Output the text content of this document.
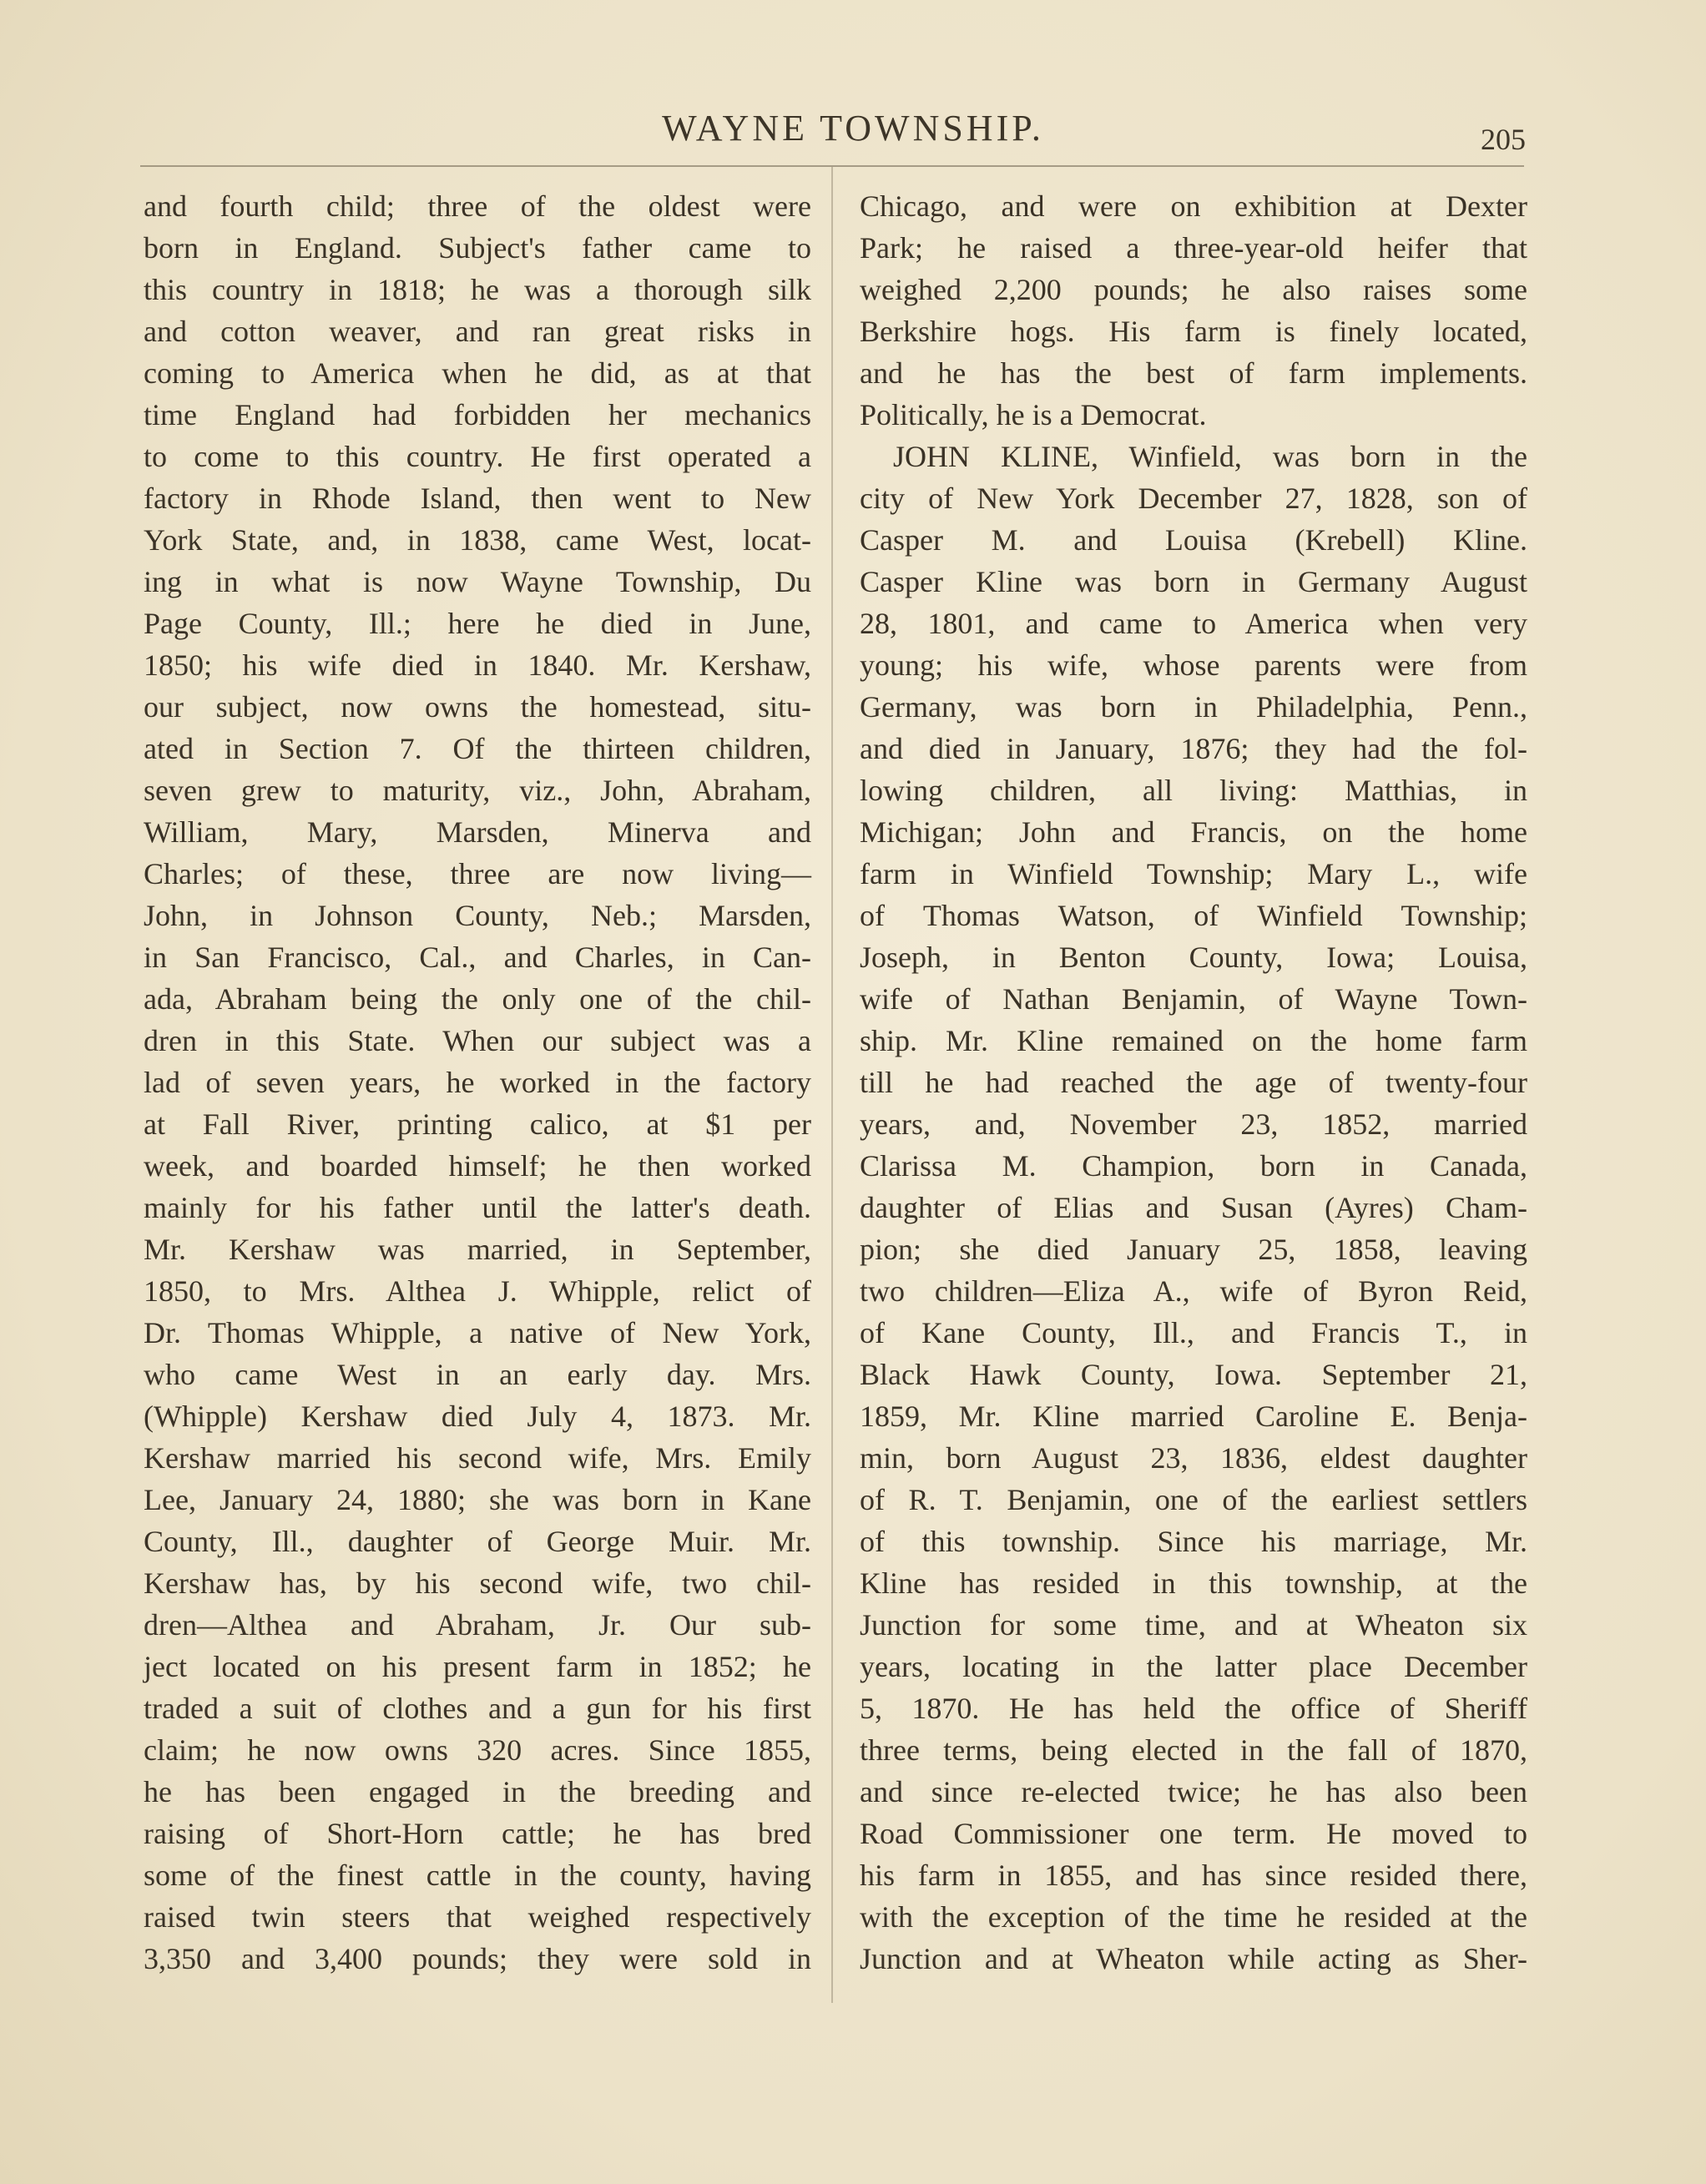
WAYNE TOWNSHIP.	205
and fourth child; three of the oldest were
born in England. Subject's father came to
this country in 1818; he was a thorough silk
and cotton weaver, and ran great risks in
coming to America when he did, as at that
time England had forbidden her mechanics
to come to this country. He first operated a
factory in Rhode Island, then went to New
York State, and, in 1838, came West, locat-
ing in what is now Wayne Township, Du
Page County, Ill.; here he died in June,
1850; his wife died in 1840. Mr. Kershaw,
our subject, now owns the homestead, situ-
ated in Section 7. Of the thirteen children,
seven grew to maturity, viz., John, Abraham,
William, Mary, Marsden, Minerva and
Charles; of these, three are now living—
John, in Johnson County, Neb.; Marsden,
in San Francisco, Cal., and Charles, in Can-
ada, Abraham being the only one of the chil-
dren in this State. When our subject was a
lad of seven years, he worked in the factory
at Fall River, printing calico, at $1 per
week, and boarded himself; he then worked
mainly for his father until the latter's death.
Mr. Kershaw was married, in September,
1850, to Mrs. Althea J. Whipple, relict of
Dr. Thomas Whipple, a native of New York,
who came West in an early day. Mrs.
(Whipple) Kershaw died July 4, 1873. Mr.
Kershaw married his second wife, Mrs. Emily
Lee, January 24, 1880; she was born in Kane
County, Ill., daughter of George Muir. Mr.
Kershaw has, by his second wife, two chil-
dren—Althea and Abraham, Jr. Our sub-
ject located on his present farm in 1852; he
traded a suit of clothes and a gun for his first
claim; he now owns 320 acres. Since 1855,
he has been engaged in the breeding and
raising of Short-Horn cattle; he has bred
some of the finest cattle in the county, having
raised twin steers that weighed respectively
3,350 and 3,400 pounds; they were sold in
Chicago, and were on exhibition at Dexter
Park; he raised a three-year-old heifer that
weighed 2,200 pounds; he also raises some
Berkshire hogs. His farm is finely located,
and he has the best of farm implements.
Politically, he is a Democrat.
JOHN KLINE, Winfield, was born in the
city of New York December 27, 1828, son of
Casper M. and Louisa (Krebell) Kline.
Casper Kline was born in Germany August
28, 1801, and came to America when very
young; his wife, whose parents were from
Germany, was born in Philadelphia, Penn.,
and died in January, 1876; they had the fol-
lowing children, all living: Matthias, in
Michigan; John and Francis, on the home
farm in Winfield Township; Mary L., wife
of Thomas Watson, of Winfield Township;
Joseph, in Benton County, Iowa; Louisa,
wife of Nathan Benjamin, of Wayne Town-
ship. Mr. Kline remained on the home farm
till he had reached the age of twenty-four
years, and, November 23, 1852, married
Clarissa M. Champion, born in Canada,
daughter of Elias and Susan (Ayres) Cham-
pion; she died January 25, 1858, leaving
two children—Eliza A., wife of Byron Reid,
of Kane County, Ill., and Francis T., in
Black Hawk County, Iowa. September 21,
1859, Mr. Kline married Caroline E. Benja-
min, born August 23, 1836, eldest daughter
of R. T. Benjamin, one of the earliest settlers
of this township. Since his marriage, Mr.
Kline has resided in this township, at the
Junction for some time, and at Wheaton six
years, locating in the latter place December
5, 1870. He has held the office of Sheriff
three terms, being elected in the fall of 1870,
and since re-elected twice; he has also been
Road Commissioner one term. He moved to
his farm in 1855, and has since resided there,
with the exception of the time he resided at the
Junction and at Wheaton while acting as Sher-
